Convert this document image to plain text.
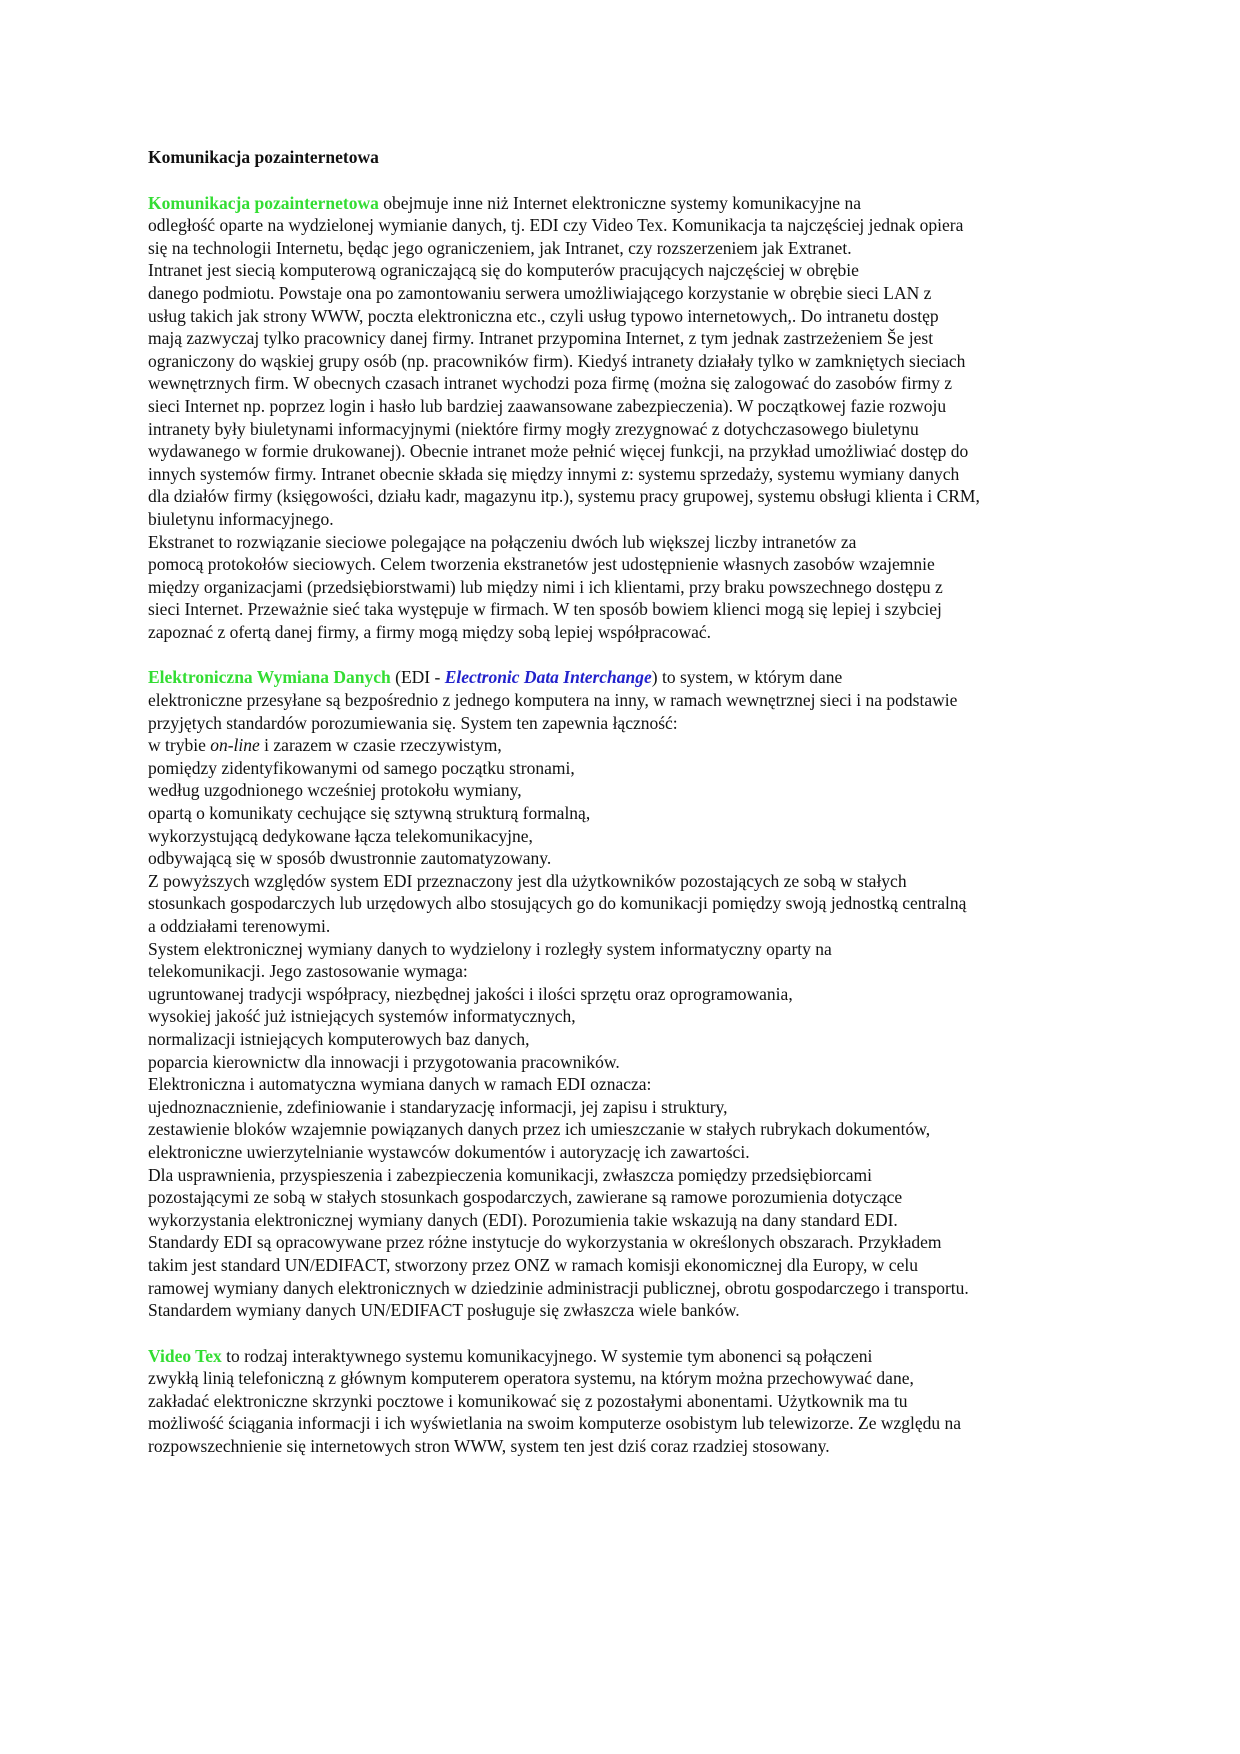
Komunikacja pozainternetowa
Komunikacja pozainternetowa obejmuje inne niż Internet elektroniczne systemy komunikacyjne na
odległość oparte na wydzielonej wymianie danych, tj. EDI czy Video Tex. Komunikacja ta najczęściej jednak opiera
się na technologii Internetu, będąc jego ograniczeniem, jak Intranet, czy rozszerzeniem jak Extranet.
Intranet jest siecią komputerową ograniczającą się do komputerów pracujących najczęściej w obrębie
danego podmiotu. Powstaje ona po zamontowaniu serwera umożliwiającego korzystanie w obrębie sieci LAN z
usług takich jak strony WWW, poczta elektroniczna etc., czyli usług typowo internetowych,. Do intranetu dostęp
mają zazwyczaj tylko pracownicy danej firmy. Intranet przypomina Internet, z tym jednak zastrzeżeniem Še jest
ograniczony do wąskiej grupy osób (np. pracowników firm). Kiedyś intranety działały tylko w zamkniętych sieciach
wewnętrznych firm. W obecnych czasach intranet wychodzi poza firmę (można się zalogować do zasobów firmy z
sieci Internet np. poprzez login i hasło lub bardziej zaawansowane zabezpieczenia). W początkowej fazie rozwoju
intranety były biuletynami informacyjnymi (niektóre firmy mogły zrezygnować z dotychczasowego biuletynu
wydawanego w formie drukowanej). Obecnie intranet może pełnić więcej funkcji, na przykład umożliwiać dostęp do
innych systemów firmy. Intranet obecnie składa się między innymi z: systemu sprzedaży, systemu wymiany danych
dla działów firmy (księgowości, działu kadr, magazynu itp.), systemu pracy grupowej, systemu obsługi klienta i CRM,
biuletynu informacyjnego.
Ekstranet to rozwiązanie sieciowe polegające na połączeniu dwóch lub większej liczby intranetów za
pomocą protokołów sieciowych. Celem tworzenia ekstranetów jest udostępnienie własnych zasobów wzajemnie
między organizacjami (przedsiębiorstwami) lub między nimi i ich klientami, przy braku powszechnego dostępu z
sieci Internet. Przeważnie sieć taka występuje w firmach. W ten sposób bowiem klienci mogą się lepiej i szybciej
zapoznać z ofertą danej firmy, a firmy mogą między sobą lepiej współpracować.
Elektroniczna Wymiana Danych (EDI - Electronic Data Interchange) to system, w którym dane
elektroniczne przesyłane są bezpośrednio z jednego komputera na inny, w ramach wewnętrznej sieci i na podstawie
przyjętych standardów porozumiewania się. System ten zapewnia łączność:
w trybie on-line i zarazem w czasie rzeczywistym,
pomiędzy zidentyfikowanymi od samego początku stronami,
według uzgodnionego wcześniej protokołu wymiany,
opartą o komunikaty cechujące się sztywną strukturą formalną,
wykorzystującą dedykowane łącza telekomunikacyjne,
odbywającą się w sposób dwustronnie zautomatyzowany.
Z powyższych względów system EDI przeznaczony jest dla użytkowników pozostających ze sobą w stałych
stosunkach gospodarczych lub urzędowych albo stosujących go do komunikacji pomiędzy swoją jednostką centralną
a oddziałami terenowymi.
System elektronicznej wymiany danych to wydzielony i rozległy system informatyczny oparty na
telekomunikacji. Jego zastosowanie wymaga:
ugruntowanej tradycji współpracy, niezbędnej jakości i ilości sprzętu oraz oprogramowania,
wysokiej jakość już istniejących systemów informatycznych,
normalizacji istniejących komputerowych baz danych,
poparcia kierownictw dla innowacji i przygotowania pracowników.
Elektroniczna i automatyczna wymiana danych w ramach EDI oznacza:
ujednoznacznienie, zdefiniowanie i standaryzację informacji, jej zapisu i struktury,
zestawienie bloków wzajemnie powiązanych danych przez ich umieszczanie w stałych rubrykach dokumentów,
elektroniczne uwierzytelnianie wystawców dokumentów i autoryzację ich zawartości.
Dla usprawnienia, przyspieszenia i zabezpieczenia komunikacji, zwłaszcza pomiędzy przedsiębiorcami
pozostającymi ze sobą w stałych stosunkach gospodarczych, zawierane są ramowe porozumienia dotyczące
wykorzystania elektronicznej wymiany danych (EDI). Porozumienia takie wskazują na dany standard EDI.
Standardy EDI są opracowywane przez różne instytucje do wykorzystania w określonych obszarach. Przykładem
takim jest standard UN/EDIFACT, stworzony przez ONZ w ramach komisji ekonomicznej dla Europy, w celu
ramowej wymiany danych elektronicznych w dziedzinie administracji publicznej, obrotu gospodarczego i transportu.
Standardem wymiany danych UN/EDIFACT posługuje się zwłaszcza wiele banków.
Video Tex to rodzaj interaktywnego systemu komunikacyjnego. W systemie tym abonenci są połączeni
zwykłą linią telefoniczną z głównym komputerem operatora systemu, na którym można przechowywać dane,
zakładać elektroniczne skrzynki pocztowe i komunikować się z pozostałymi abonentami. Użytkownik ma tu
możliwość ściągania informacji i ich wyświetlania na swoim komputerze osobistym lub telewizorze. Ze względu na
rozpowszechnienie się internetowych stron WWW, system ten jest dziś coraz rzadziej stosowany.
